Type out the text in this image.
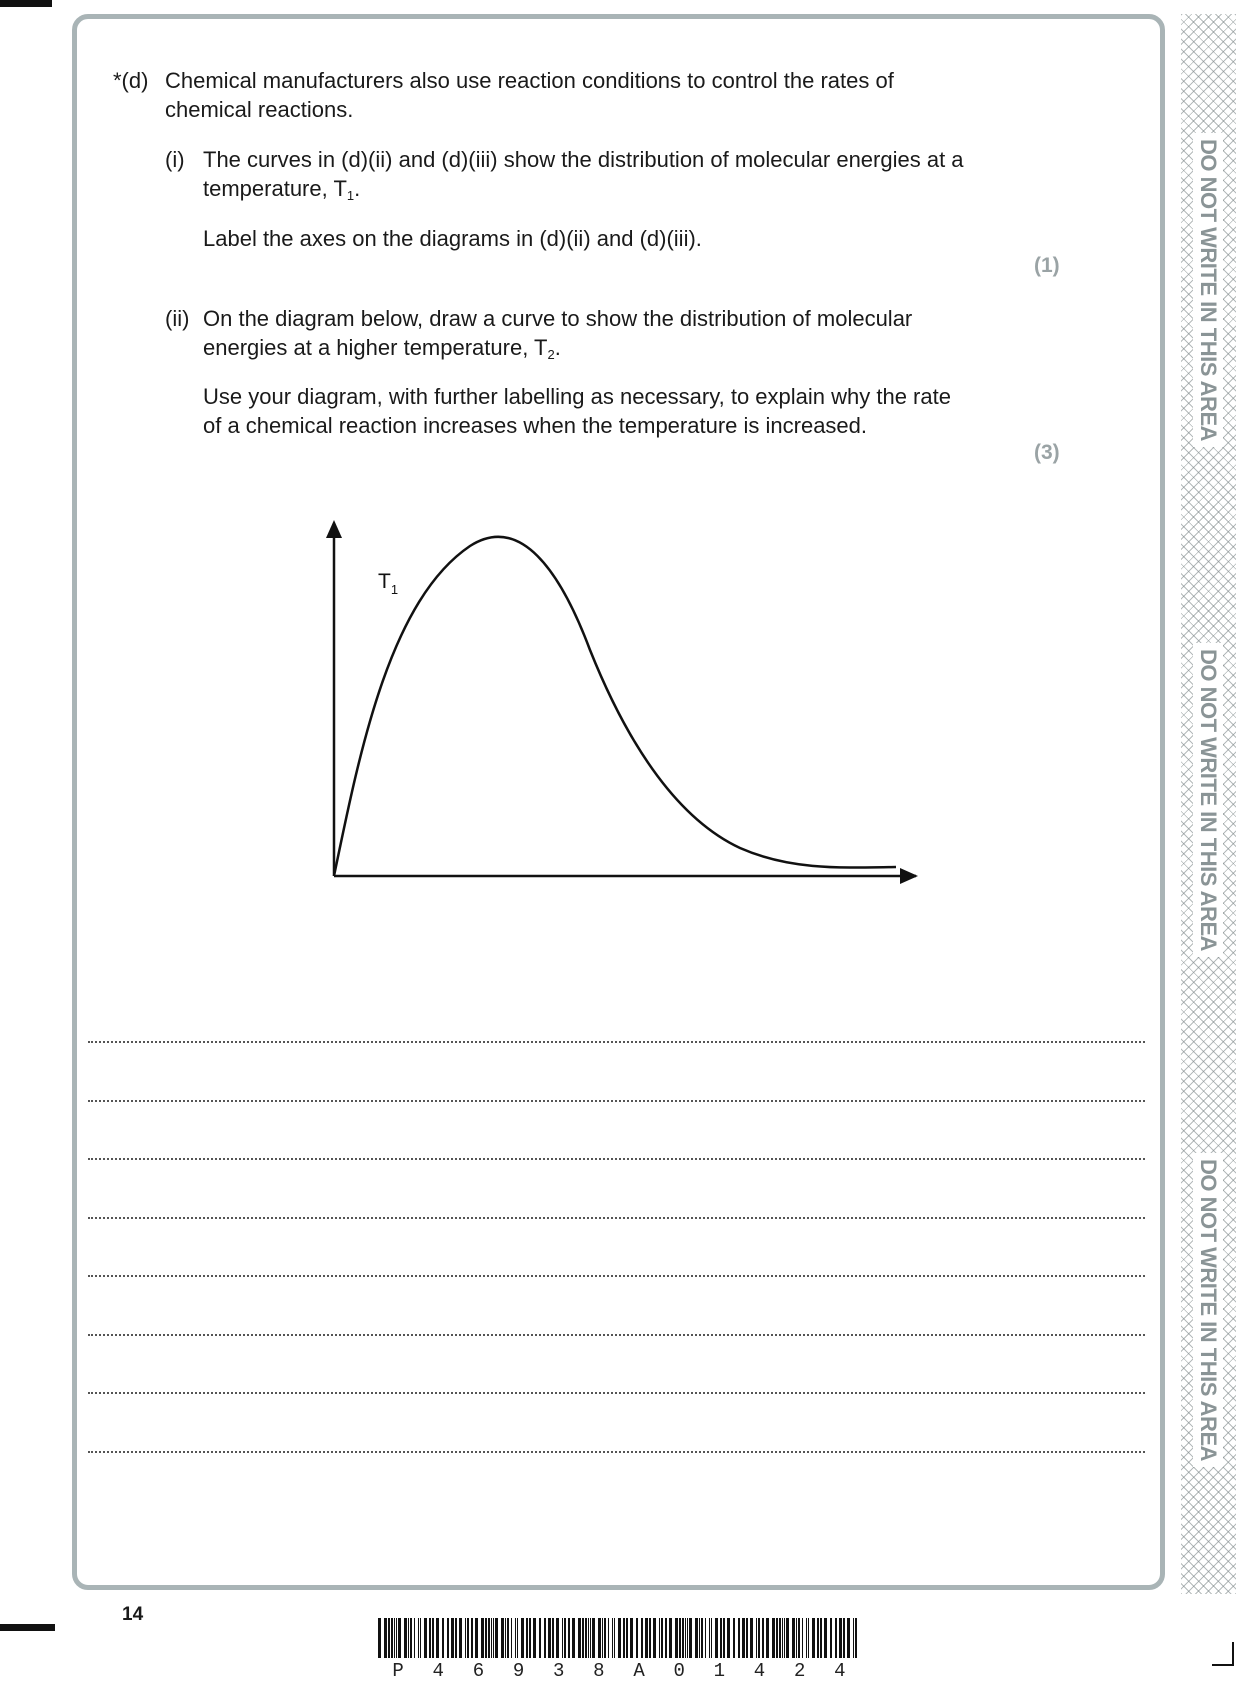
DO NOT WRITE IN THIS AREA
DO NOT WRITE IN THIS AREA
DO NOT WRITE IN THIS AREA
*(d) Chemical manufacturers also use reaction conditions to control the rates of
chemical reactions.
(i) The curves in (d)(ii) and (d)(iii) show the distribution of molecular energies at a
temperature, $T_1$.
Label the axes on the diagrams in (d)(ii) and (d)(iii).
(1)
(ii) On the diagram below, draw a curve to show the distribution of molecular
energies at a higher temperature, $T_2$.
Use your diagram, with further labelling as necessary, to explain why the rate
of a chemical reaction increases when the temperature is increased.
(3)
$T_1$
14
P 4 6 9 3 8 A 0 1 4 2 4
